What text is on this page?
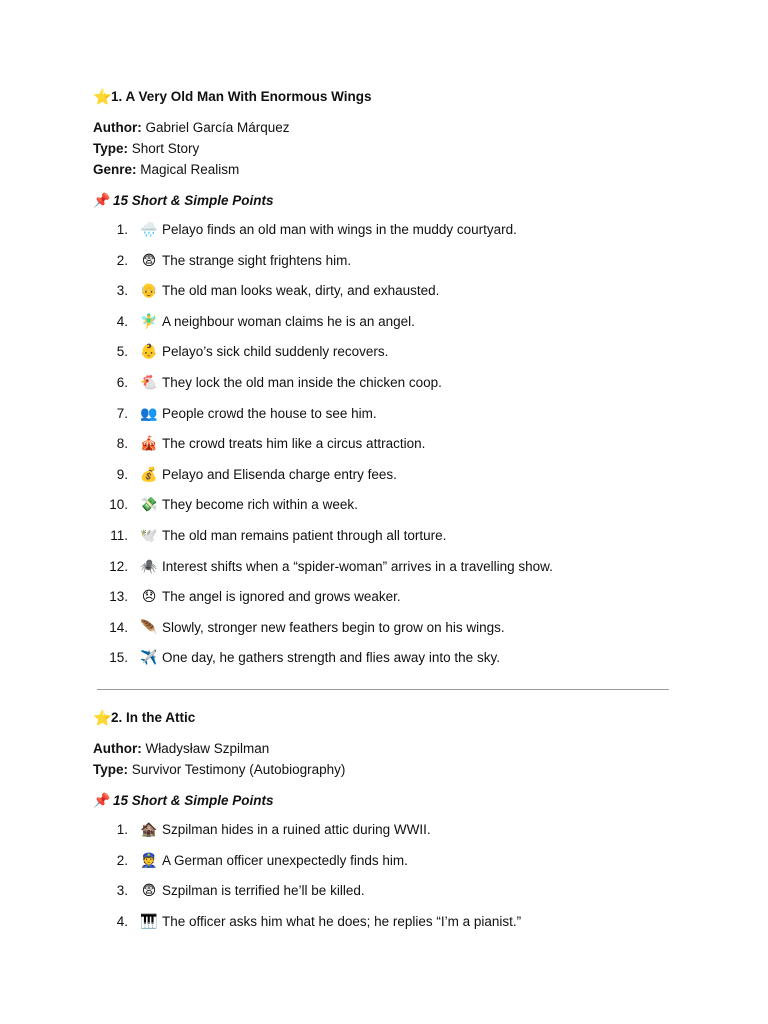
⭐1. A Very Old Man With Enormous Wings
Author: Gabriel García Márquez
Type: Short Story
Genre: Magical Realism
📌 15 Short & Simple Points
1. 🌧️ Pelayo finds an old man with wings in the muddy courtyard.
2. 😨 The strange sight frightens him.
3. 👴 The old man looks weak, dirty, and exhausted.
4. 🧚‍♂️ A neighbour woman claims he is an angel.
5. 👶 Pelayo’s sick child suddenly recovers.
6. 🐔 They lock the old man inside the chicken coop.
7. 👥 People crowd the house to see him.
8. 🎪 The crowd treats him like a circus attraction.
9. 💰 Pelayo and Elisenda charge entry fees.
10. 💸 They become rich within a week.
11. 🕊️ The old man remains patient through all torture.
12. 🕷️ Interest shifts when a “spider-woman” arrives in a travelling show.
13. 😞 The angel is ignored and grows weaker.
14. 🪶 Slowly, stronger new feathers begin to grow on his wings.
15. ✈️ One day, he gathers strength and flies away into the sky.
⭐2. In the Attic
Author: Władysław Szpilman
Type: Survivor Testimony (Autobiography)
📌 15 Short & Simple Points
1. 🏚️ Szpilman hides in a ruined attic during WWII.
2. 👮 A German officer unexpectedly finds him.
3. 😨 Szpilman is terrified he’ll be killed.
4. 🎹 The officer asks him what he does; he replies “I’m a pianist.”
